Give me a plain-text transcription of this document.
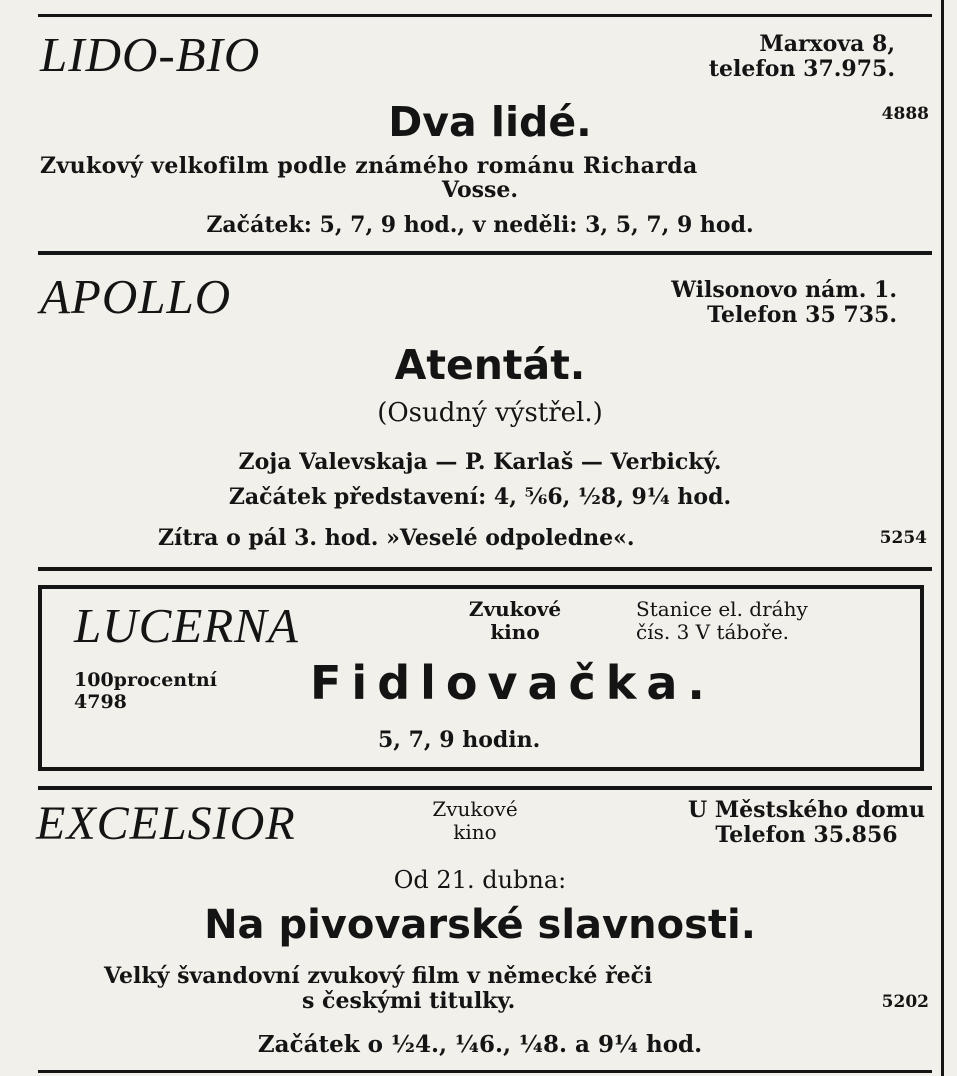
LIDO-BIO	Marxova 8,
telefon 37.975.
Dva lidé.	4888
Zvukový velkofilm podle známého románu Richarda
Vosse.
Začátek: 5, 7, 9 hod., v neděli: 3, 5, 7, 9 hod.
APOLLO	Wilsonovo nám. 1.
Telefon 35 735.
Atentát.
(Osudný výstřel.)
Zoja Valevskaja — P. Karlaš — Verbický.
Začátek představení: 4, ⅚6, ½8, 9¼ hod.
Zítra o pál 3. hod. »Veselé odpoledne«.	5254
LUCERNA	Zvukové
kino
Stanice el. dráhy
čís. 3 V táboře.
100procentní
4798	Fidlovačka.
5, 7, 9 hodin.
EXCELSIOR	Zvukové
kino
U Městského domu
Telefon 35.856
Od 21. dubna:
Na pivovarské slavnosti.
Velký švandovní zvukový film v německé řeči
s českými titulky.	5202
Začátek o ½4., ¼6., ¼8. a 9¼ hod.
